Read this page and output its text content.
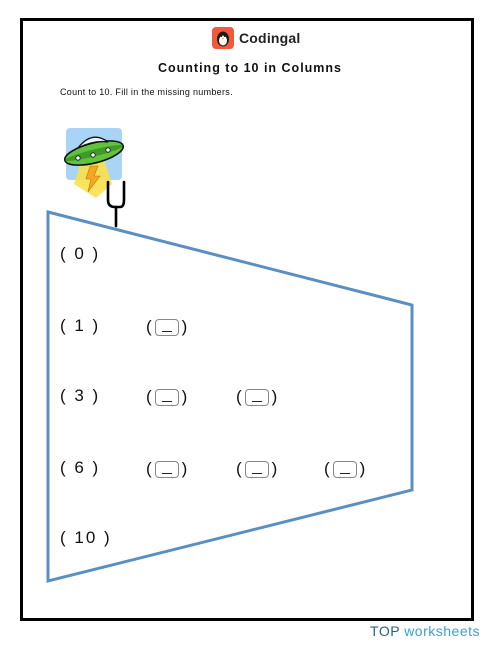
Codingal
Counting to 10 in Columns
Count to 10. Fill in the missing numbers.
( 0 )
( 1 )	( )
( 3 )	( )	( )
( 6 )	( )	( )	( )
( 10 )
TOP worksheets
